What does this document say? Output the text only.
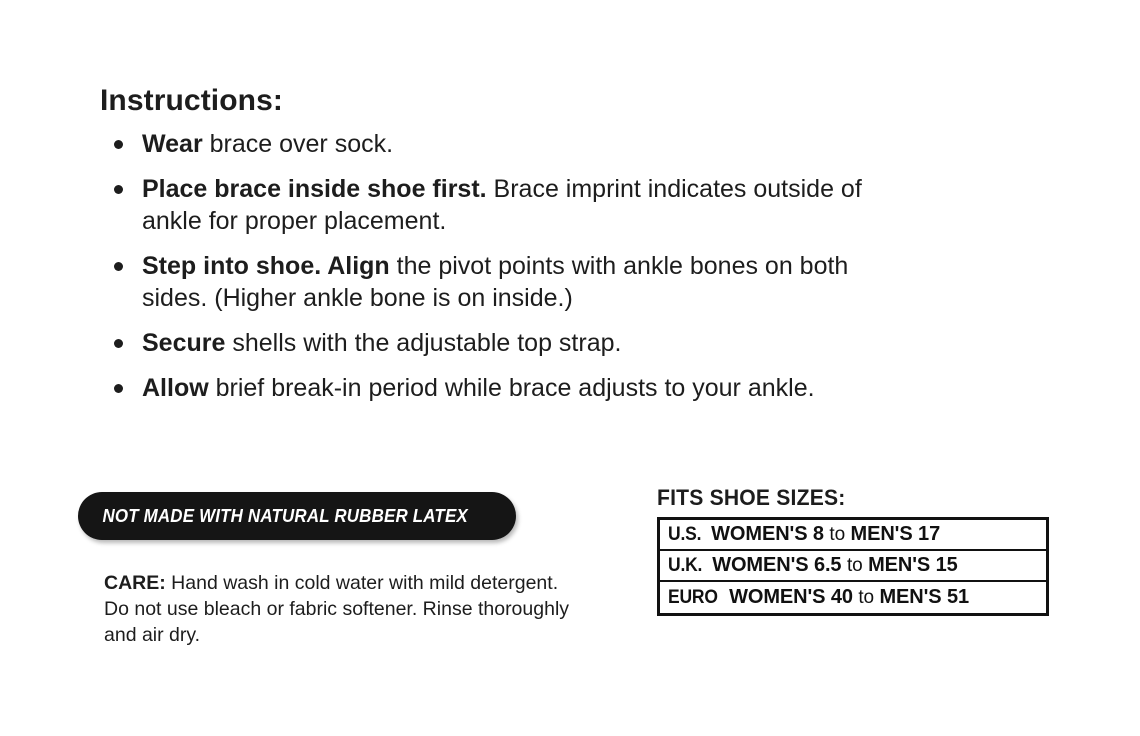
Instructions:
Wear brace over sock.
Place brace inside shoe first. Brace imprint indicates outside of ankle for proper placement.
Step into shoe. Align the pivot points with ankle bones on both sides. (Higher ankle bone is on inside.)
Secure shells with the adjustable top strap.
Allow brief break-in period while brace adjusts to your ankle.
NOT MADE WITH NATURAL RUBBER LATEX
CARE: Hand wash in cold water with mild detergent. Do not use bleach or fabric softener. Rinse thoroughly and air dry.
FITS SHOE SIZES:
U.S. WOMEN'S 8 to MEN'S 17
U.K. WOMEN'S 6.5 to MEN'S 15
EURO WOMEN'S 40 to MEN'S 51
